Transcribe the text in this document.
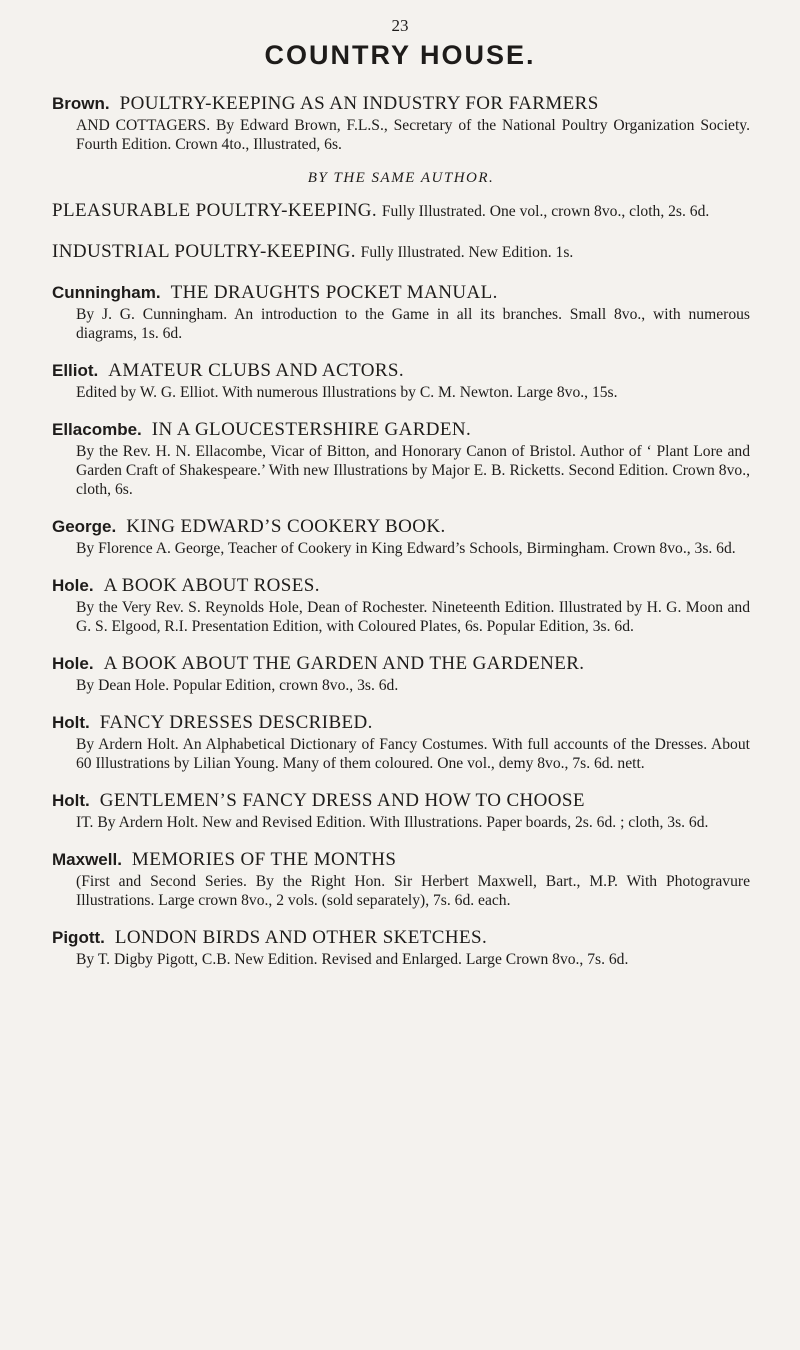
23
COUNTRY HOUSE.
Brown. POULTRY-KEEPING AS AN INDUSTRY FOR FARMERS
AND COTTAGERS. By Edward Brown, F.L.S., Secretary of the National Poultry Organization Society. Fourth Edition. Crown 4to., Illustrated, 6s.
BY THE SAME AUTHOR.
PLEASURABLE POULTRY-KEEPING. Fully Illustrated. One vol., crown 8vo., cloth, 2s. 6d.
INDUSTRIAL POULTRY-KEEPING. Fully Illustrated. New Edition. 1s.
Cunningham. THE DRAUGHTS POCKET MANUAL.
By J. G. Cunningham. An introduction to the Game in all its branches. Small 8vo., with numerous diagrams, 1s. 6d.
Elliot. AMATEUR CLUBS AND ACTORS.
Edited by W. G. Elliot. With numerous Illustrations by C. M. Newton. Large 8vo., 15s.
Ellacombe. IN A GLOUCESTERSHIRE GARDEN.
By the Rev. H. N. Ellacombe, Vicar of Bitton, and Honorary Canon of Bristol. Author of ‘ Plant Lore and Garden Craft of Shakespeare.’ With new Illustrations by Major E. B. Ricketts. Second Edition. Crown 8vo., cloth, 6s.
George. KING EDWARD’S COOKERY BOOK.
By Florence A. George, Teacher of Cookery in King Edward’s Schools, Birmingham. Crown 8vo., 3s. 6d.
Hole. A BOOK ABOUT ROSES.
By the Very Rev. S. Reynolds Hole, Dean of Rochester. Nineteenth Edition. Illustrated by H. G. Moon and G. S. Elgood, R.I. Presentation Edition, with Coloured Plates, 6s. Popular Edition, 3s. 6d.
Hole. A BOOK ABOUT THE GARDEN AND THE GARDENER.
By Dean Hole. Popular Edition, crown 8vo., 3s. 6d.
Holt. FANCY DRESSES DESCRIBED.
By Ardern Holt. An Alphabetical Dictionary of Fancy Costumes. With full accounts of the Dresses. About 60 Illustrations by Lilian Young. Many of them coloured. One vol., demy 8vo., 7s. 6d. nett.
Holt. GENTLEMEN’S FANCY DRESS AND HOW TO CHOOSE
IT. By Ardern Holt. New and Revised Edition. With Illustrations. Paper boards, 2s. 6d. ; cloth, 3s. 6d.
Maxwell. MEMORIES OF THE MONTHS
(First and Second Series. By the Right Hon. Sir Herbert Maxwell, Bart., M.P. With Photogravure Illustrations. Large crown 8vo., 2 vols. (sold separately), 7s. 6d. each.
Pigott. LONDON BIRDS AND OTHER SKETCHES.
By T. Digby Pigott, C.B. New Edition. Revised and Enlarged. Large Crown 8vo., 7s. 6d.
